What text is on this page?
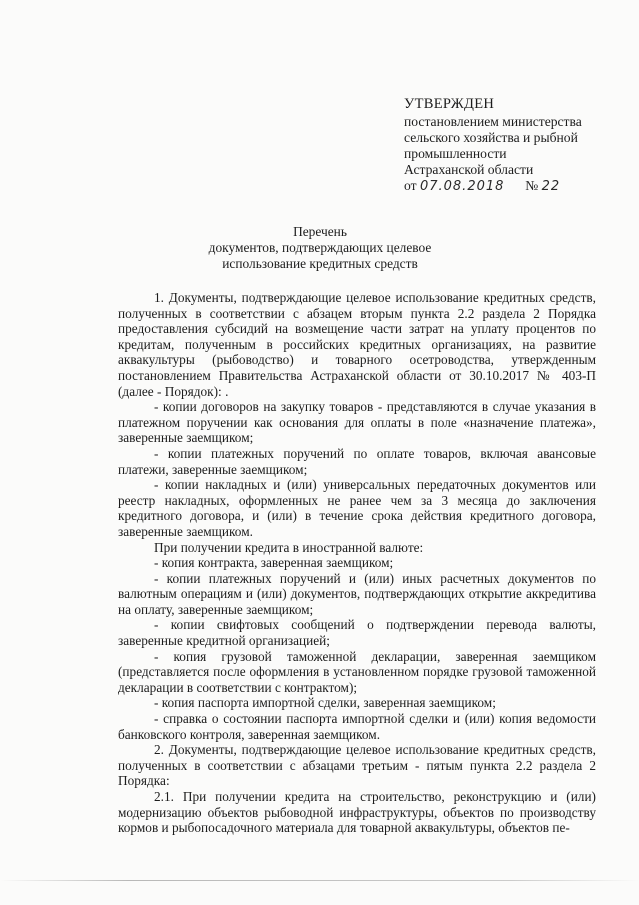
УТВЕРЖДЕН
постановлением министерства
сельского хозяйства и рыбной
промышленности
Астраханской области
от 07.08.2018 № 22
Перечень
документов, подтверждающих целевое
использование кредитных средств

1. Документы, подтверждающие целевое использование кредитных средств, полученных в соответствии с абзацем вторым пункта 2.2 раздела 2 Порядка предоставления субсидий на возмещение части затрат на уплату процентов по кредитам, полученным в российских кредитных организациях, на развитие аквакультуры (рыбоводство) и товарного осетроводства, утвержденным постановлением Правительства Астраханской области от 30.10.2017 № 403-П (далее - Порядок): .

- копии договоров на закупку товаров - представляются в случае указания в платежном поручении как основания для оплаты в поле «назначение платежа», заверенные заемщиком;

- копии платежных поручений по оплате товаров, включая авансовые платежи, заверенные заемщиком;

- копии накладных и (или) универсальных передаточных документов или реестр накладных, оформленных не ранее чем за 3 месяца до заключения кредитного договора, и (или) в течение срока действия кредитного договора, заверенные заемщиком.

При получении кредита в иностранной валюте:

- копия контракта, заверенная заемщиком;

- копии платежных поручений и (или) иных расчетных документов по валютным операциям и (или) документов, подтверждающих открытие аккредитива на оплату, заверенные заемщиком;

- копии свифтовых сообщений о подтверждении перевода валюты, заверенные кредитной организацией;

- копия грузовой таможенной декларации, заверенная заемщиком (представляется после оформления в установленном порядке грузовой таможенной декларации в соответствии с контрактом);

- копия паспорта импортной сделки, заверенная заемщиком;

- справка о состоянии паспорта импортной сделки и (или) копия ведомости банковского контроля, заверенная заемщиком.

2. Документы, подтверждающие целевое использование кредитных средств, полученных в соответствии с абзацами третьим - пятым пункта 2.2 раздела 2 Порядка:

2.1. При получении кредита на строительство, реконструкцию и (или) модернизацию объектов рыбоводной инфраструктуры, объектов по производству кормов и рыбопосадочного материала для товарной аквакультуры, объектов пе-
